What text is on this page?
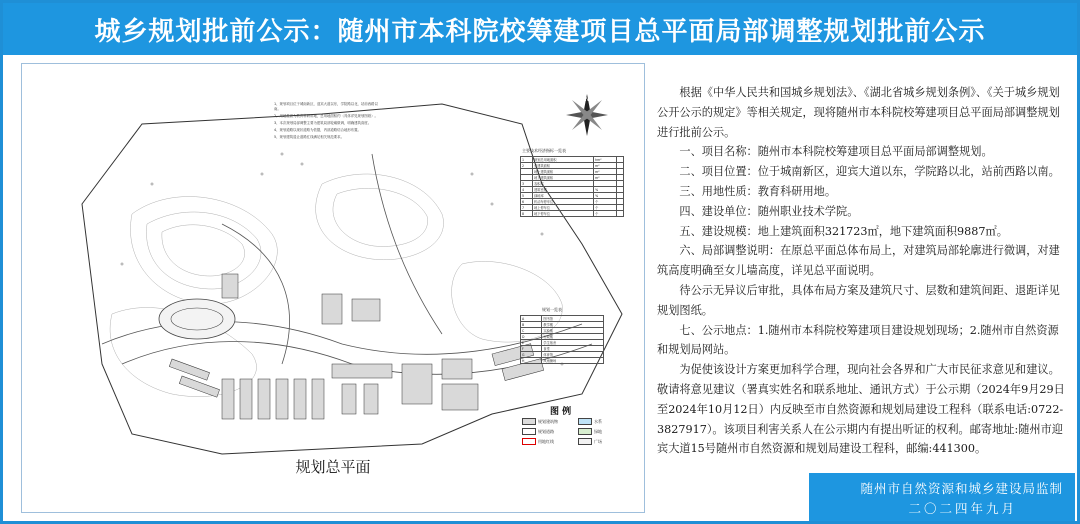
城乡规划批前公示：随州市本科院校筹建项目总平面局部调整规划批前公示
1、规划项目位于城南新区，迎宾大道以东，学院路以北，站前西路以南。
2、用地性质为教育科研用地，总用地面积约（具体详见规划图纸）。
3、本次规划局部调整主要为建筑局部轮廓微调，明确建筑高度。
4、规划道路以现状道路为依据，内部道路结合地形布置。
5、规划建筑退让道路红线满足相关规范要求。
N
主要技术经济指标一览表
1	规划总用地面积	hm²	
2	总建筑面积	m²	
	地上建筑面积	m²	
	地下建筑面积	m²	
3	容积率		
4	建筑密度	%	
5	绿地率	%	
6	机动车停车位	个	
7	地上停车位	个	
8	地下停车位	个	
规划一览表
A	图书馆
B	教学楼
C	实验楼
D	行政楼
E	学生宿舍
F	食堂
G	体育馆
H	风雨操场
图 例
规划建筑物	水系
规划道路	绿地
用地红线	广场
规划总平面

根据《中华人民共和国城乡规划法》、《湖北省城乡规划条例》、《关于城乡规划公开公示的规定》等相关规定，现将随州市本科院校筹建项目总平面局部调整规划进行批前公示。

一、项目名称：随州市本科院校筹建项目总平面局部调整规划。

二、项目位置：位于城南新区，迎宾大道以东，学院路以北，站前西路以南。

三、用地性质：教育科研用地。

四、建设单位：随州职业技术学院。

五、建设规模：地上建筑面积321723㎡，地下建筑面积9887㎡。

六、局部调整说明：在原总平面总体布局上，对建筑局部轮廓进行微调，对建筑高度明确至女儿墙高度，详见总平面说明。

待公示无异议后审批，具体布局方案及建筑尺寸、层数和建筑间距、退距详见规划图纸。

七、公示地点：1.随州市本科院校筹建项目建设规划现场；2.随州市自然资源和规划局网站。

为促使该设计方案更加科学合理，现向社会各界和广大市民征求意见和建议。敬请将意见建议（署真实姓名和联系地址、通讯方式）于公示期（2024年9月29日至2024年10月12日）内反映至市自然资源和规划局建设工程科（联系电话:0722-3827917）。该项目利害关系人在公示期内有提出听证的权利。邮寄地址:随州市迎宾大道15号随州市自然资源和规划局建设工程科，邮编:441300。

随州市自然资源和城乡建设局监制
二〇二四年九月
